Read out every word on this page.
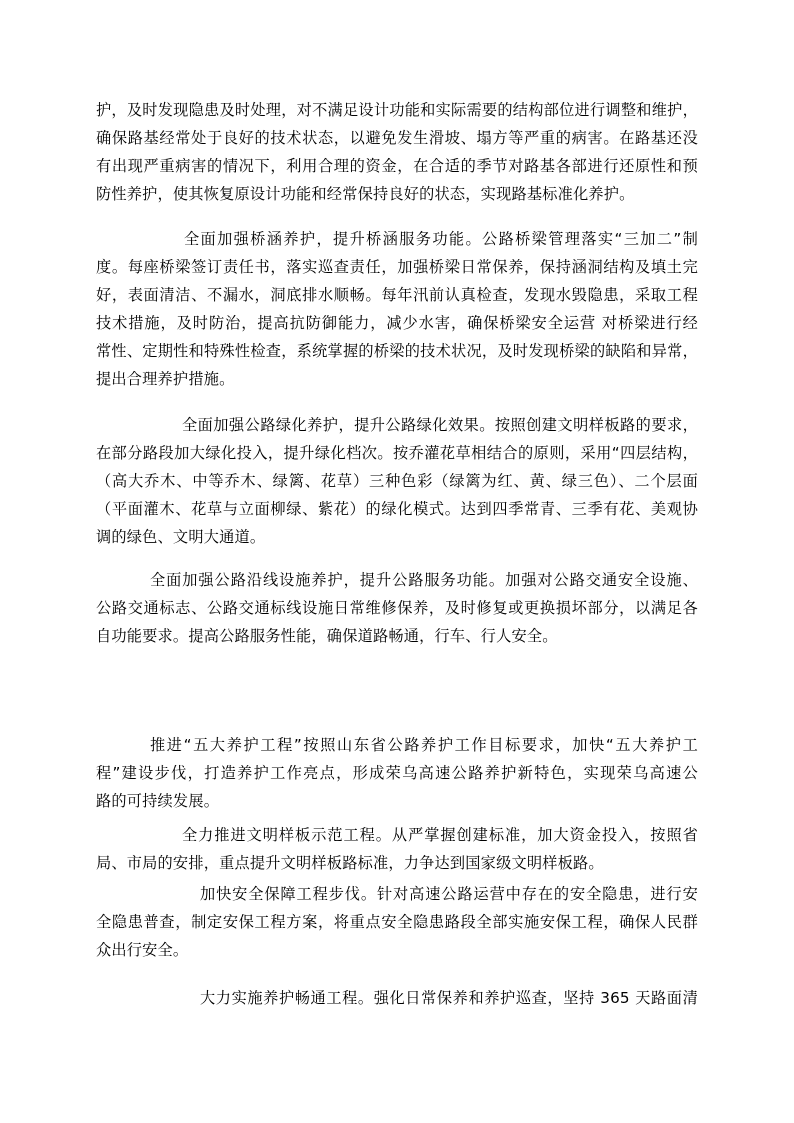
护，及时发现隐患及时处理，对不满足设计功能和实际需要的结构部位进行调整和维护，
确保路基经常处于良好的技术状态，以避免发生滑坡、塌方等严重的病害。在路基还没
有出现严重病害的情况下，利用合理的资金，在合适的季节对路基各部进行还原性和预
防性养护，使其恢复原设计功能和经常保持良好的状态，实现路基标准化养护。
全面加强桥涵养护，提升桥涵服务功能。公路桥梁管理落实“三加二”制
度。每座桥梁签订责任书，落实巡查责任，加强桥梁日常保养，保持涵洞结构及填土完
好，表面清洁、不漏水，洞底排水顺畅。每年汛前认真检查，发现水毁隐患，采取工程
技术措施，及时防治，提高抗防御能力，减少水害，确保桥梁安全运营 对桥梁进行经
常性、定期性和特殊性检查，系统掌握的桥梁的技术状况，及时发现桥梁的缺陷和异常，
提出合理养护措施。
全面加强公路绿化养护，提升公路绿化效果。按照创建文明样板路的要求，
在部分路段加大绿化投入，提升绿化档次。按乔灌花草相结合的原则，采用“四层结构，
（高大乔木、中等乔木、绿篱、花草）三种色彩（绿篱为红、黄、绿三色）、二个层面
（平面灌木、花草与立面柳绿、紫花）的绿化模式。达到四季常青、三季有花、美观协
调的绿色、文明大通道。
全面加强公路沿线设施养护，提升公路服务功能。加强对公路交通安全设施、
公路交通标志、公路交通标线设施日常维修保养，及时修复或更换损坏部分，以满足各
自功能要求。提高公路服务性能，确保道路畅通，行车、行人安全。
推进“五大养护工程”按照山东省公路养护工作目标要求，加快“五大养护工
程”建设步伐，打造养护工作亮点，形成荣乌高速公路养护新特色，实现荣乌高速公
路的可持续发展。
全力推进文明样板示范工程。从严掌握创建标准，加大资金投入，按照省
局、市局的安排，重点提升文明样板路标准，力争达到国家级文明样板路。
加快安全保障工程步伐。针对高速公路运营中存在的安全隐患，进行安
全隐患普查，制定安保工程方案，将重点安全隐患路段全部实施安保工程，确保人民群
众出行安全。
大力实施养护畅通工程。强化日常保养和养护巡查，坚持 365 天路面清
